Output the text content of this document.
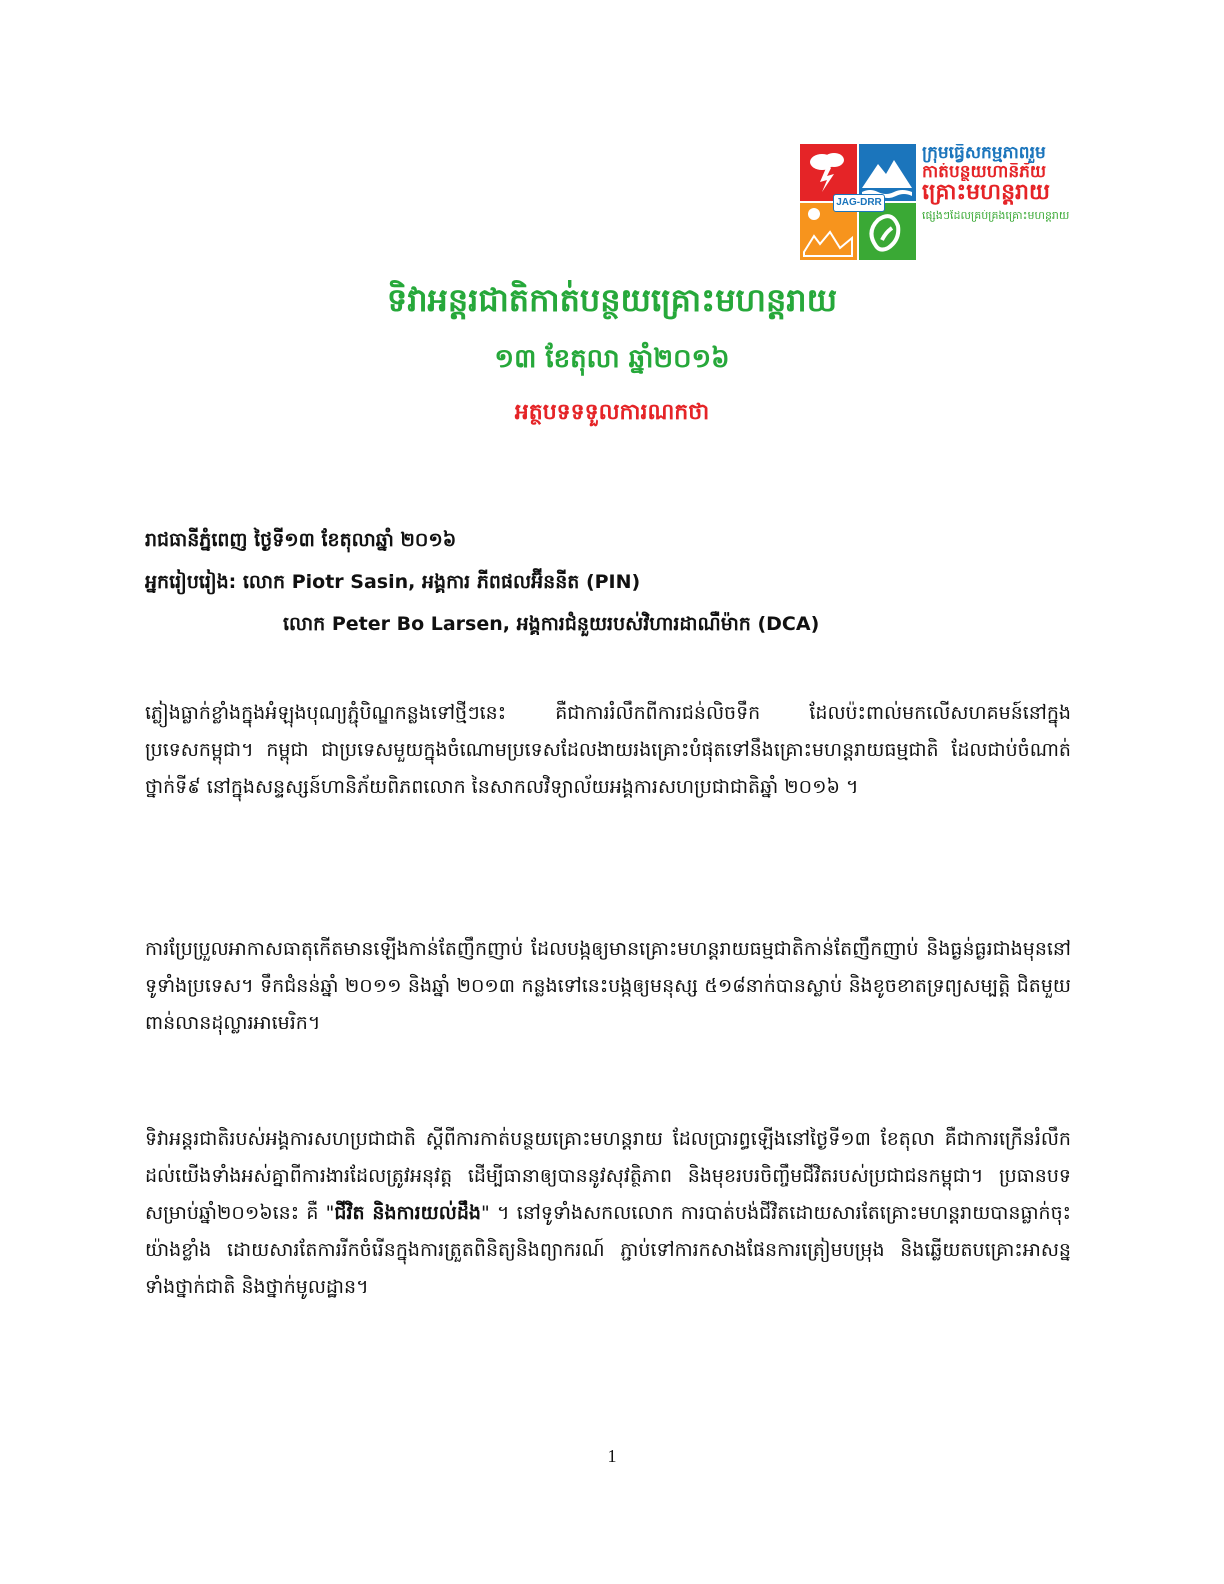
JAG-DRR
ក្រុមធ្វើសកម្មភាពរួម
កាត់បន្ថយហានិភ័យ
គ្រោះមហន្តរាយ
ផ្សេងៗដែលគ្រប់គ្រងគ្រោះមហន្តរាយ
ទិវាអន្តរជាតិកាត់បន្ថយគ្រោះមហន្តរាយ
១៣ ខែតុលា ឆ្នាំ២០១៦
អត្ថបទទទួលការណកថា
រាជធានីភ្នំពេញ ថ្ងៃទី១៣ ខែតុលាឆ្នាំ ២០១៦
អ្នករៀបរៀង: លោក Piotr Sasin, អង្គការ ភីពផលអ៊ីននីត (PIN)
លោក Peter Bo Larsen, អង្គការជំនួយរបស់វិហារដាណឺម៉ាក (DCA)

ភ្លៀងធ្លាក់ខ្លាំងក្នុងអំឡុងបុណ្យភ្ជុំបិណ្ឌកន្លងទៅថ្មីៗនេះ គឺជាការរំលឹកពីការជន់លិចទឹក ដែលប៉ះពាល់មកលើសហគមន៍នៅក្នុងប្រទេសកម្ពុជា។ កម្ពុជា ជាប្រទេសមួយក្នុងចំណោមប្រទេសដែលងាយរងគ្រោះបំផុតទៅនឹងគ្រោះមហន្តរាយធម្មជាតិ ដែលជាប់ចំណាត់ថ្នាក់ទី៩ នៅក្នុងសន្ទស្សន៍ហានិភ័យពិភពលោក នៃសាកលវិទ្យាល័យអង្គការសហប្រជាជាតិឆ្នាំ ២០១៦ ។

ការប្រែប្រួលអាកាសធាតុកើតមានឡើងកាន់តែញឹកញាប់ ដែលបង្កឲ្យមានគ្រោះមហន្តរាយធម្មជាតិកាន់តែញឹកញាប់ និងធ្ងន់ធ្ងរជាងមុននៅទូទាំងប្រទេស។ ទឹកជំនន់ឆ្នាំ ២០១១ និងឆ្នាំ ២០១៣ កន្លងទៅនេះបង្កឲ្យមនុស្ស ៥១៨នាក់បានស្លាប់ និងខូចខាតទ្រព្យសម្បត្តិ ជិតមួយពាន់លានដុល្លារអាមេរិក។

ទិវាអន្តរជាតិរបស់អង្គការសហប្រជាជាតិ ស្តីពីការកាត់បន្ថយគ្រោះមហន្តរាយ ដែលប្រារព្ធឡើងនៅថ្ងៃទី១៣ ខែតុលា គឺជាការក្រើនរំលឹកដល់យើងទាំងអស់គ្នាពីការងារដែលត្រូវអនុវត្ត ដើម្បីធានាឲ្យបាននូវសុវត្ថិភាព និងមុខរបរចិញ្ចឹមជីវិតរបស់ប្រជាជនកម្ពុជា។ ប្រធានបទសម្រាប់ឆ្នាំ២០១៦នេះ គឺ "ជីវិត និងការយល់ដឹង" ។ នៅទូទាំងសកលលោក ការបាត់បង់ជីវិតដោយសារតែគ្រោះមហន្តរាយបានធ្លាក់ចុះយ៉ាងខ្លាំង ដោយសារតែការរីកចំរើនក្នុងការត្រួតពិនិត្យនិងព្យាករណ៍ ភ្ជាប់ទៅការកសាងផែនការត្រៀមបម្រុង និងឆ្លើយតបគ្រោះអាសន្ន ទាំងថ្នាក់ជាតិ និងថ្នាក់មូលដ្ឋាន។

1
